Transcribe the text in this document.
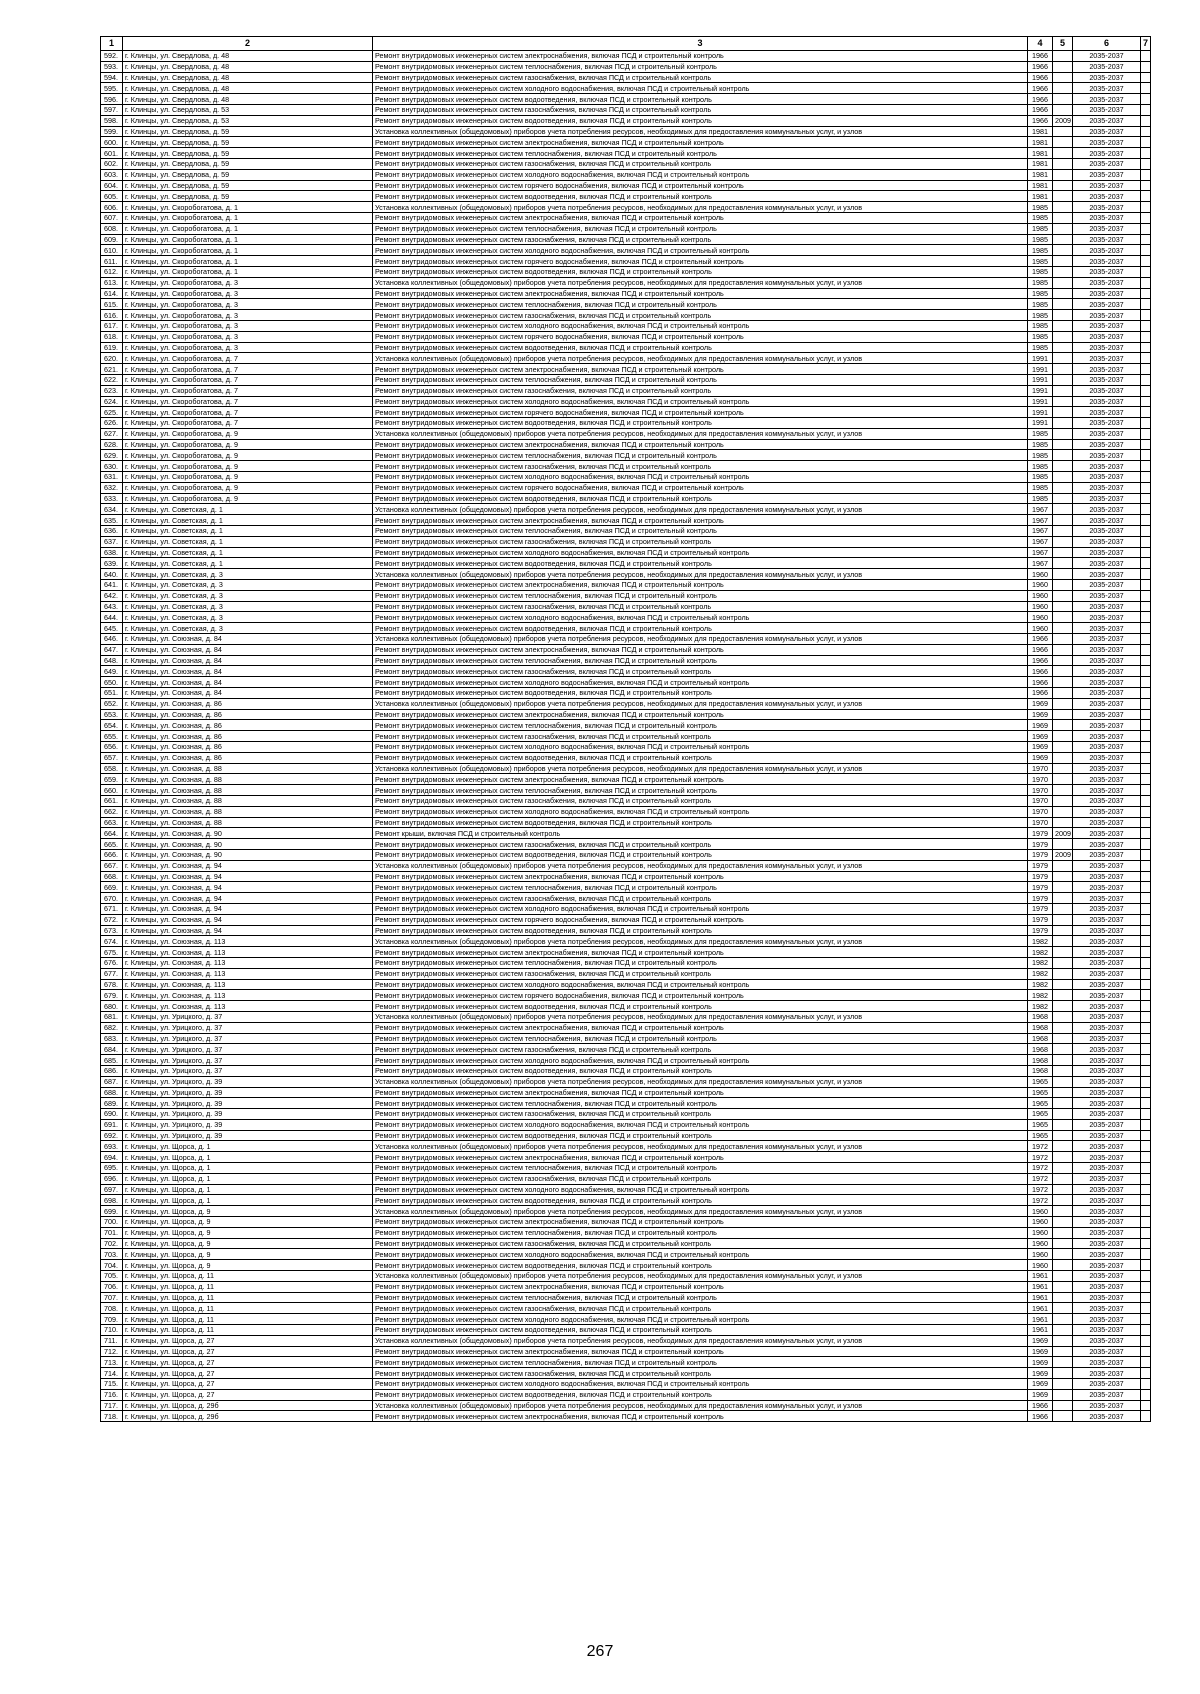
1	2	3	4	5	6	7
592.	г. Клинцы, ул. Свердлова, д. 48	Ремонт внутридомовых инженерных систем электроснабжения, включая ПСД и строительный контроль	1966		2035-2037	
593.	г. Клинцы, ул. Свердлова, д. 48	Ремонт внутридомовых инженерных систем теплоснабжения, включая ПСД и строительный контроль	1966		2035-2037	
594.	г. Клинцы, ул. Свердлова, д. 48	Ремонт внутридомовых инженерных систем газоснабжения, включая ПСД и строительный контроль	1966		2035-2037	
595.	г. Клинцы, ул. Свердлова, д. 48	Ремонт внутридомовых инженерных систем холодного водоснабжения, включая ПСД и строительный контроль	1966		2035-2037	
596.	г. Клинцы, ул. Свердлова, д. 48	Ремонт внутридомовых инженерных систем водоотведения, включая ПСД и строительный контроль	1966		2035-2037	
597.	г. Клинцы, ул. Свердлова, д. 53	Ремонт внутридомовых инженерных систем газоснабжения, включая ПСД и строительный контроль	1966		2035-2037	
598.	г. Клинцы, ул. Свердлова, д. 53	Ремонт внутридомовых инженерных систем водоотведения, включая ПСД и строительный контроль	1966	2009	2035-2037	
599.	г. Клинцы, ул. Свердлова, д. 59	Установка коллективных (общедомовых) приборов учета потребления ресурсов, необходимых для предоставления коммунальных услуг, и узлов	1981		2035-2037	
600.	г. Клинцы, ул. Свердлова, д. 59	Ремонт внутридомовых инженерных систем электроснабжения, включая ПСД и строительный контроль	1981		2035-2037	
601.	г. Клинцы, ул. Свердлова, д. 59	Ремонт внутридомовых инженерных систем теплоснабжения, включая ПСД и строительный контроль	1981		2035-2037	
602.	г. Клинцы, ул. Свердлова, д. 59	Ремонт внутридомовых инженерных систем газоснабжения, включая ПСД и строительный контроль	1981		2035-2037	
603.	г. Клинцы, ул. Свердлова, д. 59	Ремонт внутридомовых инженерных систем холодного водоснабжения, включая ПСД и строительный контроль	1981		2035-2037	
604.	г. Клинцы, ул. Свердлова, д. 59	Ремонт внутридомовых инженерных систем горячего водоснабжения, включая ПСД и строительный контроль	1981		2035-2037	
605.	г. Клинцы, ул. Свердлова, д. 59	Ремонт внутридомовых инженерных систем водоотведения, включая ПСД и строительный контроль	1981		2035-2037	
606.	г. Клинцы, ул. Скоробогатова, д. 1	Установка коллективных (общедомовых) приборов учета потребления ресурсов, необходимых для предоставления коммунальных услуг, и узлов	1985		2035-2037	
607.	г. Клинцы, ул. Скоробогатова, д. 1	Ремонт внутридомовых инженерных систем электроснабжения, включая ПСД и строительный контроль	1985		2035-2037	
608.	г. Клинцы, ул. Скоробогатова, д. 1	Ремонт внутридомовых инженерных систем теплоснабжения, включая ПСД и строительный контроль	1985		2035-2037	
609.	г. Клинцы, ул. Скоробогатова, д. 1	Ремонт внутридомовых инженерных систем газоснабжения, включая ПСД и строительный контроль	1985		2035-2037	
610.	г. Клинцы, ул. Скоробогатова, д. 1	Ремонт внутридомовых инженерных систем холодного водоснабжения, включая ПСД и строительный контроль	1985		2035-2037	
611.	г. Клинцы, ул. Скоробогатова, д. 1	Ремонт внутридомовых инженерных систем горячего водоснабжения, включая ПСД и строительный контроль	1985		2035-2037	
612.	г. Клинцы, ул. Скоробогатова, д. 1	Ремонт внутридомовых инженерных систем водоотведения, включая ПСД и строительный контроль	1985		2035-2037	
613.	г. Клинцы, ул. Скоробогатова, д. 3	Установка коллективных (общедомовых) приборов учета потребления ресурсов, необходимых для предоставления коммунальных услуг, и узлов	1985		2035-2037	
614.	г. Клинцы, ул. Скоробогатова, д. 3	Ремонт внутридомовых инженерных систем электроснабжения, включая ПСД и строительный контроль	1985		2035-2037	
615.	г. Клинцы, ул. Скоробогатова, д. 3	Ремонт внутридомовых инженерных систем теплоснабжения, включая ПСД и строительный контроль	1985		2035-2037	
616.	г. Клинцы, ул. Скоробогатова, д. 3	Ремонт внутридомовых инженерных систем газоснабжения, включая ПСД и строительный контроль	1985		2035-2037	
617.	г. Клинцы, ул. Скоробогатова, д. 3	Ремонт внутридомовых инженерных систем холодного водоснабжения, включая ПСД и строительный контроль	1985		2035-2037	
618.	г. Клинцы, ул. Скоробогатова, д. 3	Ремонт внутридомовых инженерных систем горячего водоснабжения, включая ПСД и строительный контроль	1985		2035-2037	
619.	г. Клинцы, ул. Скоробогатова, д. 3	Ремонт внутридомовых инженерных систем водоотведения, включая ПСД и строительный контроль	1985		2035-2037	
620.	г. Клинцы, ул. Скоробогатова, д. 7	Установка коллективных (общедомовых) приборов учета потребления ресурсов, необходимых для предоставления коммунальных услуг, и узлов	1991		2035-2037	
621.	г. Клинцы, ул. Скоробогатова, д. 7	Ремонт внутридомовых инженерных систем электроснабжения, включая ПСД и строительный контроль	1991		2035-2037	
622.	г. Клинцы, ул. Скоробогатова, д. 7	Ремонт внутридомовых инженерных систем теплоснабжения, включая ПСД и строительный контроль	1991		2035-2037	
623.	г. Клинцы, ул. Скоробогатова, д. 7	Ремонт внутридомовых инженерных систем газоснабжения, включая ПСД и строительный контроль	1991		2035-2037	
624.	г. Клинцы, ул. Скоробогатова, д. 7	Ремонт внутридомовых инженерных систем холодного водоснабжения, включая ПСД и строительный контроль	1991		2035-2037	
625.	г. Клинцы, ул. Скоробогатова, д. 7	Ремонт внутридомовых инженерных систем горячего водоснабжения, включая ПСД и строительный контроль	1991		2035-2037	
626.	г. Клинцы, ул. Скоробогатова, д. 7	Ремонт внутридомовых инженерных систем водоотведения, включая ПСД и строительный контроль	1991		2035-2037	
627.	г. Клинцы, ул. Скоробогатова, д. 9	Установка коллективных (общедомовых) приборов учета потребления ресурсов, необходимых для предоставления коммунальных услуг, и узлов	1985		2035-2037	
628.	г. Клинцы, ул. Скоробогатова, д. 9	Ремонт внутридомовых инженерных систем электроснабжения, включая ПСД и строительный контроль	1985		2035-2037	
629.	г. Клинцы, ул. Скоробогатова, д. 9	Ремонт внутридомовых инженерных систем теплоснабжения, включая ПСД и строительный контроль	1985		2035-2037	
630.	г. Клинцы, ул. Скоробогатова, д. 9	Ремонт внутридомовых инженерных систем газоснабжения, включая ПСД и строительный контроль	1985		2035-2037	
631.	г. Клинцы, ул. Скоробогатова, д. 9	Ремонт внутридомовых инженерных систем холодного водоснабжения, включая ПСД и строительный контроль	1985		2035-2037	
632.	г. Клинцы, ул. Скоробогатова, д. 9	Ремонт внутридомовых инженерных систем горячего водоснабжения, включая ПСД и строительный контроль	1985		2035-2037	
633.	г. Клинцы, ул. Скоробогатова, д. 9	Ремонт внутридомовых инженерных систем водоотведения, включая ПСД и строительный контроль	1985		2035-2037	
634.	г. Клинцы, ул. Советская, д. 1	Установка коллективных (общедомовых) приборов учета потребления ресурсов, необходимых для предоставления коммунальных услуг, и узлов	1967		2035-2037	
635.	г. Клинцы, ул. Советская, д. 1	Ремонт внутридомовых инженерных систем электроснабжения, включая ПСД и строительный контроль	1967		2035-2037	
636.	г. Клинцы, ул. Советская, д. 1	Ремонт внутридомовых инженерных систем теплоснабжения, включая ПСД и строительный контроль	1967		2035-2037	
637.	г. Клинцы, ул. Советская, д. 1	Ремонт внутридомовых инженерных систем газоснабжения, включая ПСД и строительный контроль	1967		2035-2037	
638.	г. Клинцы, ул. Советская, д. 1	Ремонт внутридомовых инженерных систем холодного водоснабжения, включая ПСД и строительный контроль	1967		2035-2037	
639.	г. Клинцы, ул. Советская, д. 1	Ремонт внутридомовых инженерных систем водоотведения, включая ПСД и строительный контроль	1967		2035-2037	
640.	г. Клинцы, ул. Советская, д. 3	Установка коллективных (общедомовых) приборов учета потребления ресурсов, необходимых для предоставления коммунальных услуг, и узлов	1960		2035-2037	
641.	г. Клинцы, ул. Советская, д. 3	Ремонт внутридомовых инженерных систем электроснабжения, включая ПСД и строительный контроль	1960		2035-2037	
642.	г. Клинцы, ул. Советская, д. 3	Ремонт внутридомовых инженерных систем теплоснабжения, включая ПСД и строительный контроль	1960		2035-2037	
643.	г. Клинцы, ул. Советская, д. 3	Ремонт внутридомовых инженерных систем газоснабжения, включая ПСД и строительный контроль	1960		2035-2037	
644.	г. Клинцы, ул. Советская, д. 3	Ремонт внутридомовых инженерных систем холодного водоснабжения, включая ПСД и строительный контроль	1960		2035-2037	
645.	г. Клинцы, ул. Советская, д. 3	Ремонт внутридомовых инженерных систем водоотведения, включая ПСД и строительный контроль	1960		2035-2037	
646.	г. Клинцы, ул. Союзная, д. 84	Установка коллективных (общедомовых) приборов учета потребления ресурсов, необходимых для предоставления коммунальных услуг, и узлов	1966		2035-2037	
647.	г. Клинцы, ул. Союзная, д. 84	Ремонт внутридомовых инженерных систем электроснабжения, включая ПСД и строительный контроль	1966		2035-2037	
648.	г. Клинцы, ул. Союзная, д. 84	Ремонт внутридомовых инженерных систем теплоснабжения, включая ПСД и строительный контроль	1966		2035-2037	
649.	г. Клинцы, ул. Союзная, д. 84	Ремонт внутридомовых инженерных систем газоснабжения, включая ПСД и строительный контроль	1966		2035-2037	
650.	г. Клинцы, ул. Союзная, д. 84	Ремонт внутридомовых инженерных систем холодного водоснабжения, включая ПСД и строительный контроль	1966		2035-2037	
651.	г. Клинцы, ул. Союзная, д. 84	Ремонт внутридомовых инженерных систем водоотведения, включая ПСД и строительный контроль	1966		2035-2037	
652.	г. Клинцы, ул. Союзная, д. 86	Установка коллективных (общедомовых) приборов учета потребления ресурсов, необходимых для предоставления коммунальных услуг, и узлов	1969		2035-2037	
653.	г. Клинцы, ул. Союзная, д. 86	Ремонт внутридомовых инженерных систем электроснабжения, включая ПСД и строительный контроль	1969		2035-2037	
654.	г. Клинцы, ул. Союзная, д. 86	Ремонт внутридомовых инженерных систем теплоснабжения, включая ПСД и строительный контроль	1969		2035-2037	
655.	г. Клинцы, ул. Союзная, д. 86	Ремонт внутридомовых инженерных систем газоснабжения, включая ПСД и строительный контроль	1969		2035-2037	
656.	г. Клинцы, ул. Союзная, д. 86	Ремонт внутридомовых инженерных систем холодного водоснабжения, включая ПСД и строительный контроль	1969		2035-2037	
657.	г. Клинцы, ул. Союзная, д. 86	Ремонт внутридомовых инженерных систем водоотведения, включая ПСД и строительный контроль	1969		2035-2037	
658.	г. Клинцы, ул. Союзная, д. 88	Установка коллективных (общедомовых) приборов учета потребления ресурсов, необходимых для предоставления коммунальных услуг, и узлов	1970		2035-2037	
659.	г. Клинцы, ул. Союзная, д. 88	Ремонт внутридомовых инженерных систем электроснабжения, включая ПСД и строительный контроль	1970		2035-2037	
660.	г. Клинцы, ул. Союзная, д. 88	Ремонт внутридомовых инженерных систем теплоснабжения, включая ПСД и строительный контроль	1970		2035-2037	
661.	г. Клинцы, ул. Союзная, д. 88	Ремонт внутридомовых инженерных систем газоснабжения, включая ПСД и строительный контроль	1970		2035-2037	
662.	г. Клинцы, ул. Союзная, д. 88	Ремонт внутридомовых инженерных систем холодного водоснабжения, включая ПСД и строительный контроль	1970		2035-2037	
663.	г. Клинцы, ул. Союзная, д. 88	Ремонт внутридомовых инженерных систем водоотведения, включая ПСД и строительный контроль	1970		2035-2037	
664.	г. Клинцы, ул. Союзная, д. 90	Ремонт крыши, включая ПСД и строительный контроль	1979	2009	2035-2037	
665.	г. Клинцы, ул. Союзная, д. 90	Ремонт внутридомовых инженерных систем газоснабжения, включая ПСД и строительный контроль	1979		2035-2037	
666.	г. Клинцы, ул. Союзная, д. 90	Ремонт внутридомовых инженерных систем водоотведения, включая ПСД и строительный контроль	1979	2009	2035-2037	
667.	г. Клинцы, ул. Союзная, д. 94	Установка коллективных (общедомовых) приборов учета потребления ресурсов, необходимых для предоставления коммунальных услуг, и узлов	1979		2035-2037	
668.	г. Клинцы, ул. Союзная, д. 94	Ремонт внутридомовых инженерных систем электроснабжения, включая ПСД и строительный контроль	1979		2035-2037	
669.	г. Клинцы, ул. Союзная, д. 94	Ремонт внутридомовых инженерных систем теплоснабжения, включая ПСД и строительный контроль	1979		2035-2037	
670.	г. Клинцы, ул. Союзная, д. 94	Ремонт внутридомовых инженерных систем газоснабжения, включая ПСД и строительный контроль	1979		2035-2037	
671.	г. Клинцы, ул. Союзная, д. 94	Ремонт внутридомовых инженерных систем холодного водоснабжения, включая ПСД и строительный контроль	1979		2035-2037	
672.	г. Клинцы, ул. Союзная, д. 94	Ремонт внутридомовых инженерных систем горячего водоснабжения, включая ПСД и строительный контроль	1979		2035-2037	
673.	г. Клинцы, ул. Союзная, д. 94	Ремонт внутридомовых инженерных систем водоотведения, включая ПСД и строительный контроль	1979		2035-2037	
674.	г. Клинцы, ул. Союзная, д. 113	Установка коллективных (общедомовых) приборов учета потребления ресурсов, необходимых для предоставления коммунальных услуг, и узлов	1982		2035-2037	
675.	г. Клинцы, ул. Союзная, д. 113	Ремонт внутридомовых инженерных систем электроснабжения, включая ПСД и строительный контроль	1982		2035-2037	
676.	г. Клинцы, ул. Союзная, д. 113	Ремонт внутридомовых инженерных систем теплоснабжения, включая ПСД и строительный контроль	1982		2035-2037	
677.	г. Клинцы, ул. Союзная, д. 113	Ремонт внутридомовых инженерных систем газоснабжения, включая ПСД и строительный контроль	1982		2035-2037	
678.	г. Клинцы, ул. Союзная, д. 113	Ремонт внутридомовых инженерных систем холодного водоснабжения, включая ПСД и строительный контроль	1982		2035-2037	
679.	г. Клинцы, ул. Союзная, д. 113	Ремонт внутридомовых инженерных систем горячего водоснабжения, включая ПСД и строительный контроль	1982		2035-2037	
680.	г. Клинцы, ул. Союзная, д. 113	Ремонт внутридомовых инженерных систем водоотведения, включая ПСД и строительный контроль	1982		2035-2037	
681.	г. Клинцы, ул. Урицкого, д. 37	Установка коллективных (общедомовых) приборов учета потребления ресурсов, необходимых для предоставления коммунальных услуг, и узлов	1968		2035-2037	
682.	г. Клинцы, ул. Урицкого, д. 37	Ремонт внутридомовых инженерных систем электроснабжения, включая ПСД и строительный контроль	1968		2035-2037	
683.	г. Клинцы, ул. Урицкого, д. 37	Ремонт внутридомовых инженерных систем теплоснабжения, включая ПСД и строительный контроль	1968		2035-2037	
684.	г. Клинцы, ул. Урицкого, д. 37	Ремонт внутридомовых инженерных систем газоснабжения, включая ПСД и строительный контроль	1968		2035-2037	
685.	г. Клинцы, ул. Урицкого, д. 37	Ремонт внутридомовых инженерных систем холодного водоснабжения, включая ПСД и строительный контроль	1968		2035-2037	
686.	г. Клинцы, ул. Урицкого, д. 37	Ремонт внутридомовых инженерных систем водоотведения, включая ПСД и строительный контроль	1968		2035-2037	
687.	г. Клинцы, ул. Урицкого, д. 39	Установка коллективных (общедомовых) приборов учета потребления ресурсов, необходимых для предоставления коммунальных услуг, и узлов	1965		2035-2037	
688.	г. Клинцы, ул. Урицкого, д. 39	Ремонт внутридомовых инженерных систем электроснабжения, включая ПСД и строительный контроль	1965		2035-2037	
689.	г. Клинцы, ул. Урицкого, д. 39	Ремонт внутридомовых инженерных систем теплоснабжения, включая ПСД и строительный контроль	1965		2035-2037	
690.	г. Клинцы, ул. Урицкого, д. 39	Ремонт внутридомовых инженерных систем газоснабжения, включая ПСД и строительный контроль	1965		2035-2037	
691.	г. Клинцы, ул. Урицкого, д. 39	Ремонт внутридомовых инженерных систем холодного водоснабжения, включая ПСД и строительный контроль	1965		2035-2037	
692.	г. Клинцы, ул. Урицкого, д. 39	Ремонт внутридомовых инженерных систем водоотведения, включая ПСД и строительный контроль	1965		2035-2037	
693.	г. Клинцы, ул. Щорса, д. 1	Установка коллективных (общедомовых) приборов учета потребления ресурсов, необходимых для предоставления коммунальных услуг, и узлов	1972		2035-2037	
694.	г. Клинцы, ул. Щорса, д. 1	Ремонт внутридомовых инженерных систем электроснабжения, включая ПСД и строительный контроль	1972		2035-2037	
695.	г. Клинцы, ул. Щорса, д. 1	Ремонт внутридомовых инженерных систем теплоснабжения, включая ПСД и строительный контроль	1972		2035-2037	
696.	г. Клинцы, ул. Щорса, д. 1	Ремонт внутридомовых инженерных систем газоснабжения, включая ПСД и строительный контроль	1972		2035-2037	
697.	г. Клинцы, ул. Щорса, д. 1	Ремонт внутридомовых инженерных систем холодного водоснабжения, включая ПСД и строительный контроль	1972		2035-2037	
698.	г. Клинцы, ул. Щорса, д. 1	Ремонт внутридомовых инженерных систем водоотведения, включая ПСД и строительный контроль	1972		2035-2037	
699.	г. Клинцы, ул. Щорса, д. 9	Установка коллективных (общедомовых) приборов учета потребления ресурсов, необходимых для предоставления коммунальных услуг, и узлов	1960		2035-2037	
700.	г. Клинцы, ул. Щорса, д. 9	Ремонт внутридомовых инженерных систем электроснабжения, включая ПСД и строительный контроль	1960		2035-2037	
701.	г. Клинцы, ул. Щорса, д. 9	Ремонт внутридомовых инженерных систем теплоснабжения, включая ПСД и строительный контроль	1960		2035-2037	
702.	г. Клинцы, ул. Щорса, д. 9	Ремонт внутридомовых инженерных систем газоснабжения, включая ПСД и строительный контроль	1960		2035-2037	
703.	г. Клинцы, ул. Щорса, д. 9	Ремонт внутридомовых инженерных систем холодного водоснабжения, включая ПСД и строительный контроль	1960		2035-2037	
704.	г. Клинцы, ул. Щорса, д. 9	Ремонт внутридомовых инженерных систем водоотведения, включая ПСД и строительный контроль	1960		2035-2037	
705.	г. Клинцы, ул. Щорса, д. 11	Установка коллективных (общедомовых) приборов учета потребления ресурсов, необходимых для предоставления коммунальных услуг, и узлов	1961		2035-2037	
706.	г. Клинцы, ул. Щорса, д. 11	Ремонт внутридомовых инженерных систем электроснабжения, включая ПСД и строительный контроль	1961		2035-2037	
707.	г. Клинцы, ул. Щорса, д. 11	Ремонт внутридомовых инженерных систем теплоснабжения, включая ПСД и строительный контроль	1961		2035-2037	
708.	г. Клинцы, ул. Щорса, д. 11	Ремонт внутридомовых инженерных систем газоснабжения, включая ПСД и строительный контроль	1961		2035-2037	
709.	г. Клинцы, ул. Щорса, д. 11	Ремонт внутридомовых инженерных систем холодного водоснабжения, включая ПСД и строительный контроль	1961		2035-2037	
710.	г. Клинцы, ул. Щорса, д. 11	Ремонт внутридомовых инженерных систем водоотведения, включая ПСД и строительный контроль	1961		2035-2037	
711.	г. Клинцы, ул. Щорса, д. 27	Установка коллективных (общедомовых) приборов учета потребления ресурсов, необходимых для предоставления коммунальных услуг, и узлов	1969		2035-2037	
712.	г. Клинцы, ул. Щорса, д. 27	Ремонт внутридомовых инженерных систем электроснабжения, включая ПСД и строительный контроль	1969		2035-2037	
713.	г. Клинцы, ул. Щорса, д. 27	Ремонт внутридомовых инженерных систем теплоснабжения, включая ПСД и строительный контроль	1969		2035-2037	
714.	г. Клинцы, ул. Щорса, д. 27	Ремонт внутридомовых инженерных систем газоснабжения, включая ПСД и строительный контроль	1969		2035-2037	
715.	г. Клинцы, ул. Щорса, д. 27	Ремонт внутридомовых инженерных систем холодного водоснабжения, включая ПСД и строительный контроль	1969		2035-2037	
716.	г. Клинцы, ул. Щорса, д. 27	Ремонт внутридомовых инженерных систем водоотведения, включая ПСД и строительный контроль	1969		2035-2037	
717.	г. Клинцы, ул. Щорса, д. 29б	Установка коллективных (общедомовых) приборов учета потребления ресурсов, необходимых для предоставления коммунальных услуг, и узлов	1966		2035-2037	
718.	г. Клинцы, ул. Щорса, д. 29б	Ремонт внутридомовых инженерных систем электроснабжения, включая ПСД и строительный контроль	1966		2035-2037	
267
